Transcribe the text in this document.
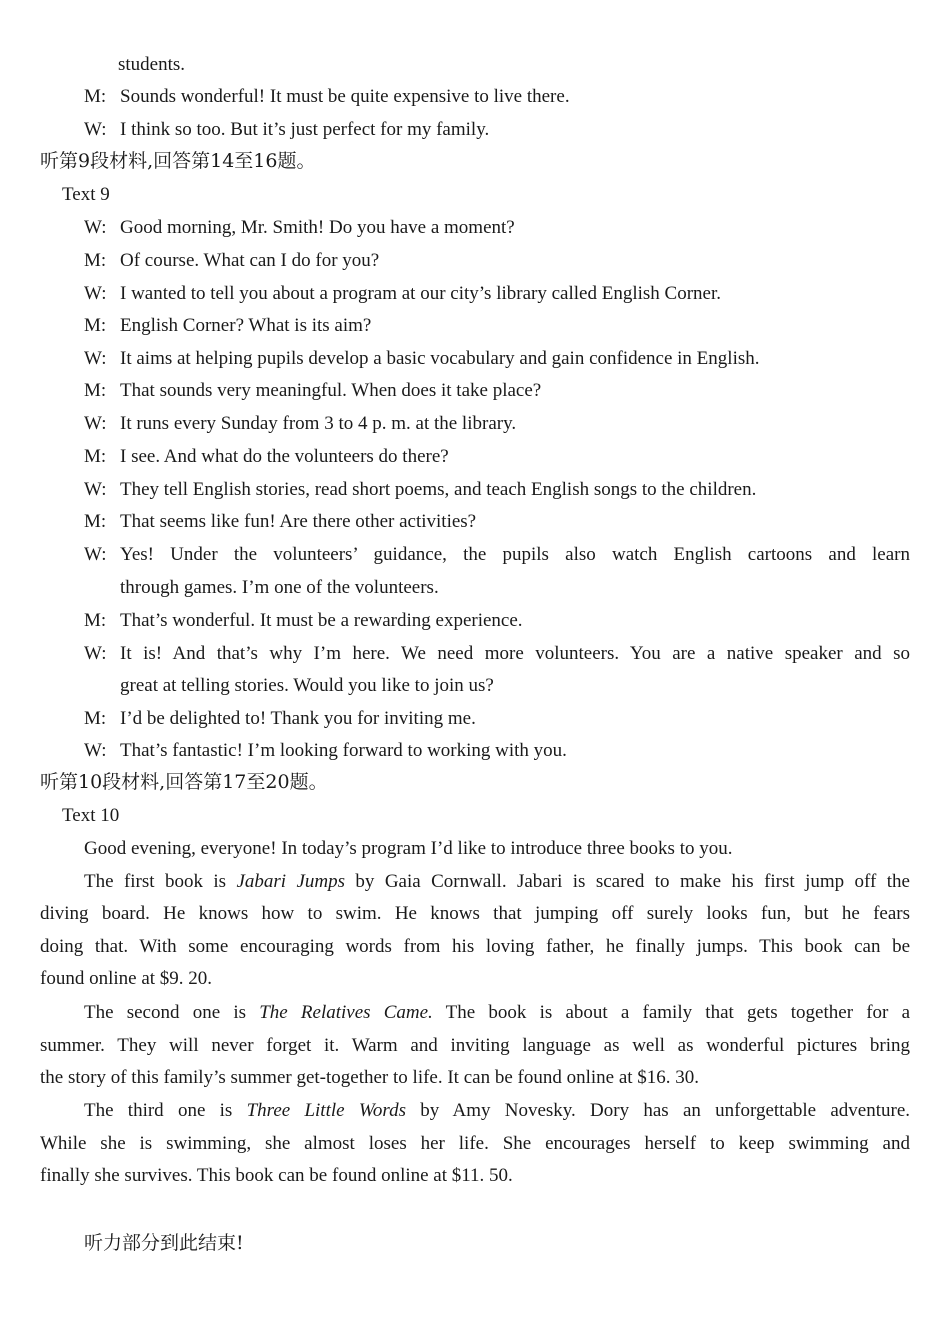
students.
M: Sounds wonderful! It must be quite expensive to live there.
W: I think so too. But it’s just perfect for my family.
听第9段材料,回答第14至16题。
Text 9
W: Good morning, Mr. Smith! Do you have a moment?
M: Of course. What can I do for you?
W: I wanted to tell you about a program at our city’s library called English Corner.
M: English Corner? What is its aim?
W: It aims at helping pupils develop a basic vocabulary and gain confidence in English.
M: That sounds very meaningful. When does it take place?
W: It runs every Sunday from 3 to 4 p. m. at the library.
M: I see. And what do the volunteers do there?
W: They tell English stories, read short poems, and teach English songs to the children.
M: That seems like fun! Are there other activities?
W: Yes! Under the volunteers’ guidance, the pupils also watch English cartoons and learn
through games. I’m one of the volunteers.
M: That’s wonderful. It must be a rewarding experience.
W: It is! And that’s why I’m here. We need more volunteers. You are a native speaker and so
great at telling stories. Would you like to join us?
M: I’d be delighted to! Thank you for inviting me.
W: That’s fantastic! I’m looking forward to working with you.
听第10段材料,回答第17至20题。
Text 10
Good evening, everyone! In today’s program I’d like to introduce three books to you.
The first book is Jabari Jumps by Gaia Cornwall. Jabari is scared to make his first jump off the
diving board. He knows how to swim. He knows that jumping off surely looks fun, but he fears
doing that. With some encouraging words from his loving father, he finally jumps. This book can be
found online at $9. 20.
The second one is The Relatives Came. The book is about a family that gets together for a
summer. They will never forget it. Warm and inviting language as well as wonderful pictures bring
the story of this family’s summer get-together to life. It can be found online at $16. 30.
The third one is Three Little Words by Amy Novesky. Dory has an unforgettable adventure.
While she is swimming, she almost loses her life. She encourages herself to keep swimming and
finally she survives. This book can be found online at $11. 50.
听力部分到此结束!
